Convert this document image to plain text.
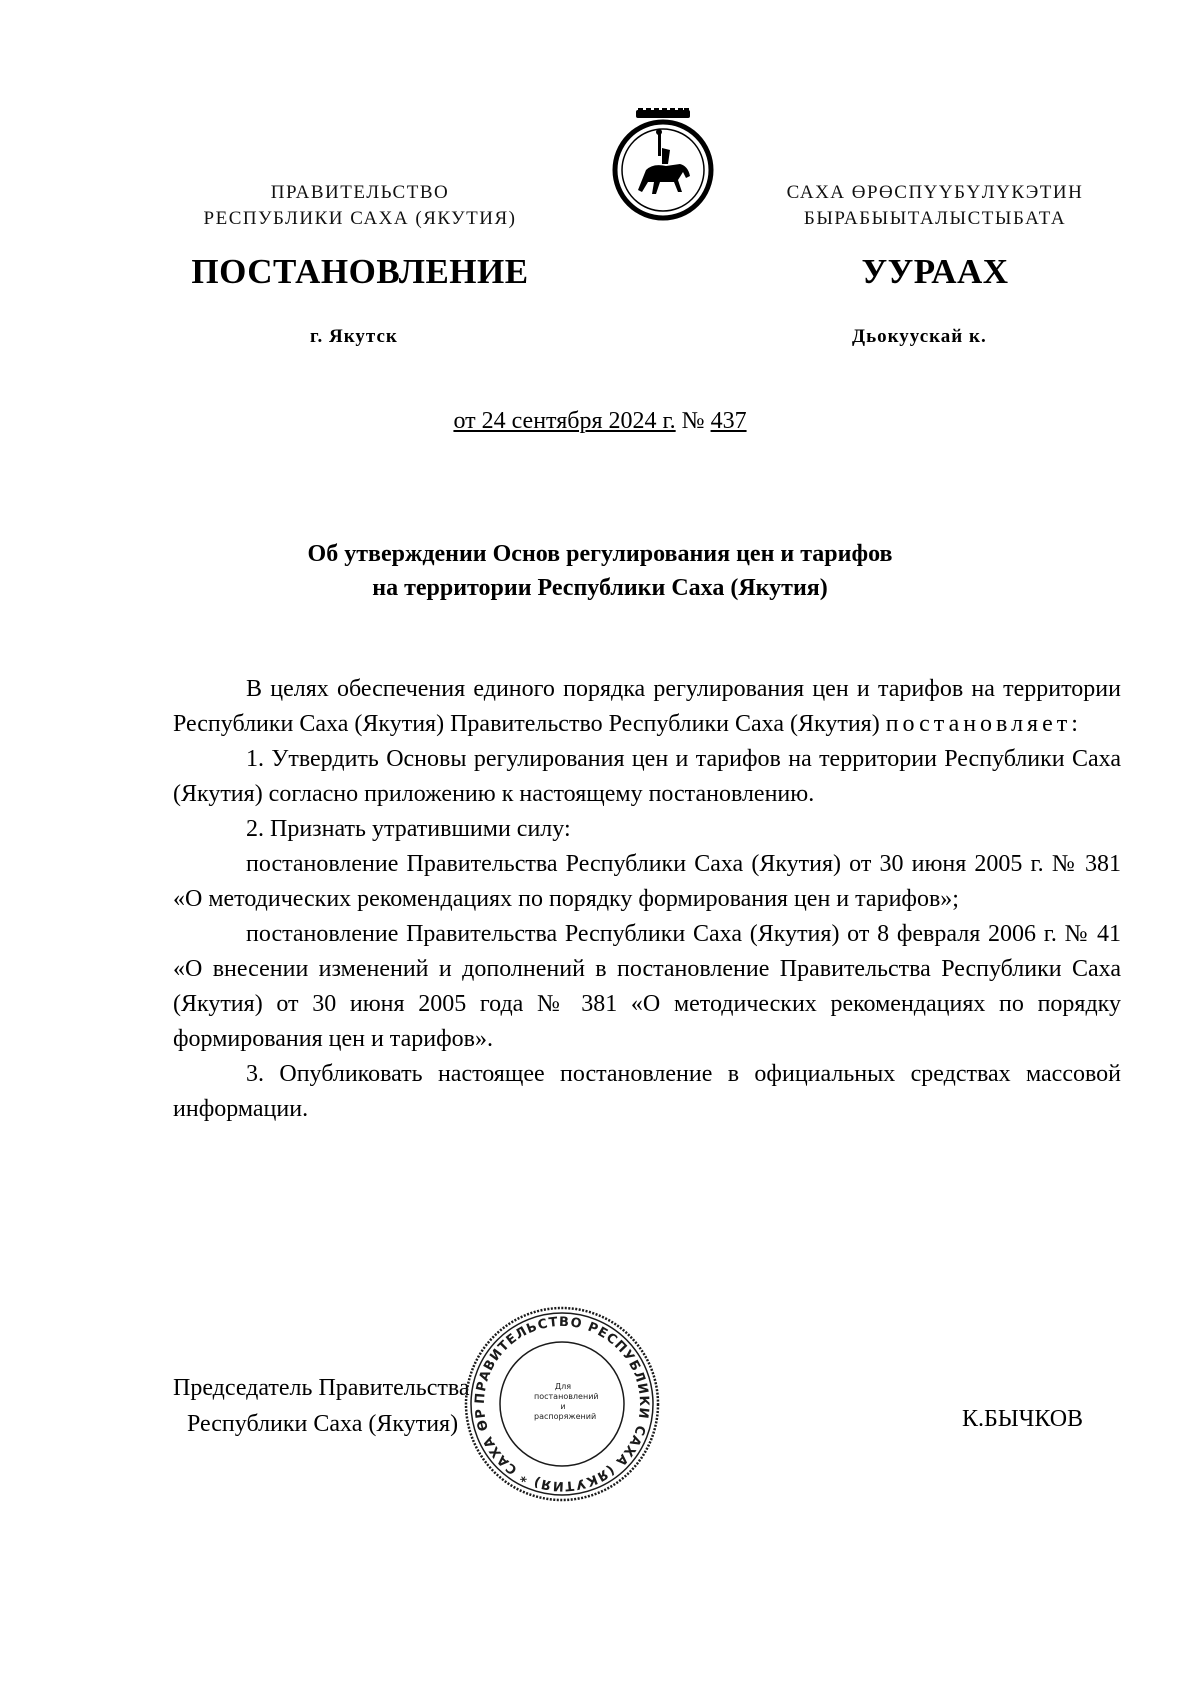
ПРАВИТЕЛЬСТВО
РЕСПУБЛИКИ САХА (ЯКУТИЯ)
САХА ӨРӨСПҮҮБҮЛҮКЭТИН
БЫРАБЫЫТАЛЫСТЫБАТА
ПОСТАНОВЛЕНИЕ	УУРААХ
г. Якутск	Дьокуускай к.
от 24 сентября 2024 г. № 437
Об утверждении Основ регулирования цен и тарифов
на территории Республики Саха (Якутия)

В целях обеспечения единого порядка регулирования цен и тарифов на территории Республики Саха (Якутия) Правительство Республики Саха (Якутия) постановляет:

1. Утвердить Основы регулирования цен и тарифов на территории Республики Саха (Якутия) согласно приложению к настоящему постановлению.

2. Признать утратившими силу:

постановление Правительства Республики Саха (Якутия) от 30 июня 2005 г. № 381 «О методических рекомендациях по порядку формирования цен и тарифов»;

постановление Правительства Республики Саха (Якутия) от 8 февраля 2006 г. № 41 «О внесении изменений и дополнений в постановление Правительства Республики Саха (Якутия) от 30 июня 2005 года № 381 «О методических рекомендациях по порядку формирования цен и тарифов».

3. Опубликовать настоящее постановление в официальных средствах массовой информации.

Председатель Правительства
Республики Саха (Якутия)	К.БЫЧКОВ
ПРАВИТЕЛЬСТВО РЕСПУБЛИКИ САХА (ЯКУТИЯ) * САХА ӨР
Для
постановлений и
распоряжений
